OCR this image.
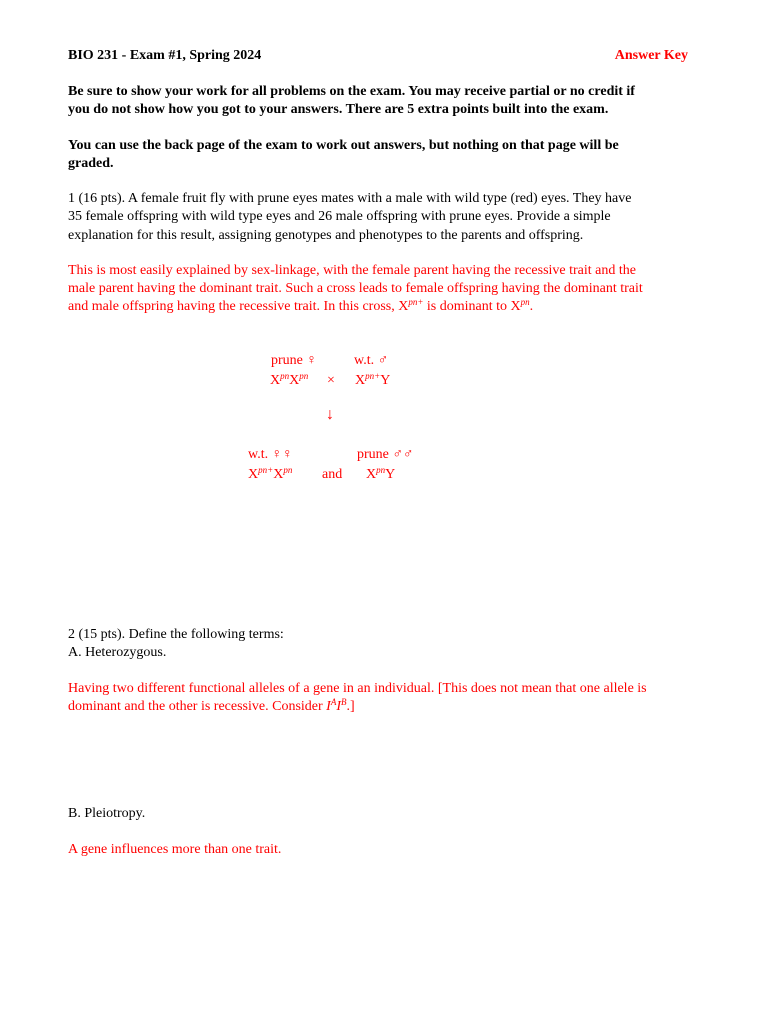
BIO 231 - Exam #1, Spring 2024	Answer Key
Be sure to show your work for all problems on the exam. You may receive partial or no credit if
you do not show how you got to your answers. There are 5 extra points built into the exam.
You can use the back page of the exam to work out answers, but nothing on that page will be
graded.
1 (16 pts). A female fruit fly with prune eyes mates with a male with wild type (red) eyes. They have
35 female offspring with wild type eyes and 26 male offspring with prune eyes. Provide a simple
explanation for this result, assigning genotypes and phenotypes to the parents and offspring.
This is most easily explained by sex-linkage, with the female parent having the recessive trait and the
male parent having the dominant trait. Such a cross leads to female offspring having the dominant trait
and male offspring having the recessive trait. In this cross, $X^{pn+}$ is dominant to $X^{pn}$.
prune ♀	w.t. ♂
$X^{pn}X^{pn} \times X^{pn+}Y$
↓
w.t. ♀♀	prune ♂♂
$X^{pn+}X^{pn}$ and $X^{pn}Y$
2 (15 pts). Define the following terms:
A. Heterozygous.
Having two different functional alleles of a gene in an individual. [This does not mean that one allele is
dominant and the other is recessive. Consider $I^AI^B$.]
B. Pleiotropy.
A gene influences more than one trait.
